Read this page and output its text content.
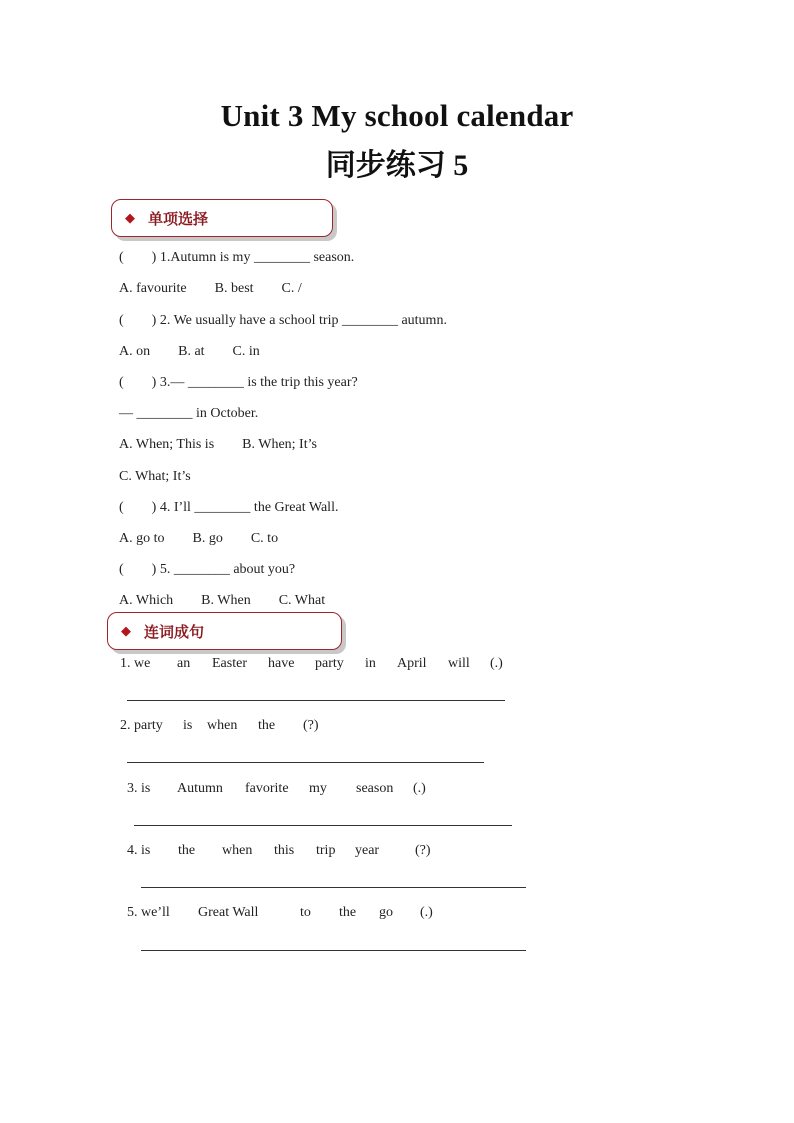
Unit 3 My school calendar
同步练习 5
◆ 单项选择
(        ) 1.Autumn is my ________ season.
A. favourite        B. best        C. /
(        ) 2. We usually have a school trip ________ autumn.
A. on        B. at        C. in
(        ) 3.— ________ is the trip this year?
— ________ in October.
A. When; This is        B. When; It’s
C. What; It’s
(        ) 4. I’ll ________ the Great Wall.
A. go to        B. go        C. to
(        ) 5. ________ about you?
A. Which        B. When        C. What
◆ 连词成句
1. we an Easter have party in April will (.)
2. party is when the (?)
3. is Autumn favorite my season (.)
4. is the when this trip year	(?)
5. we’ll Great Wall	to the go (.)
